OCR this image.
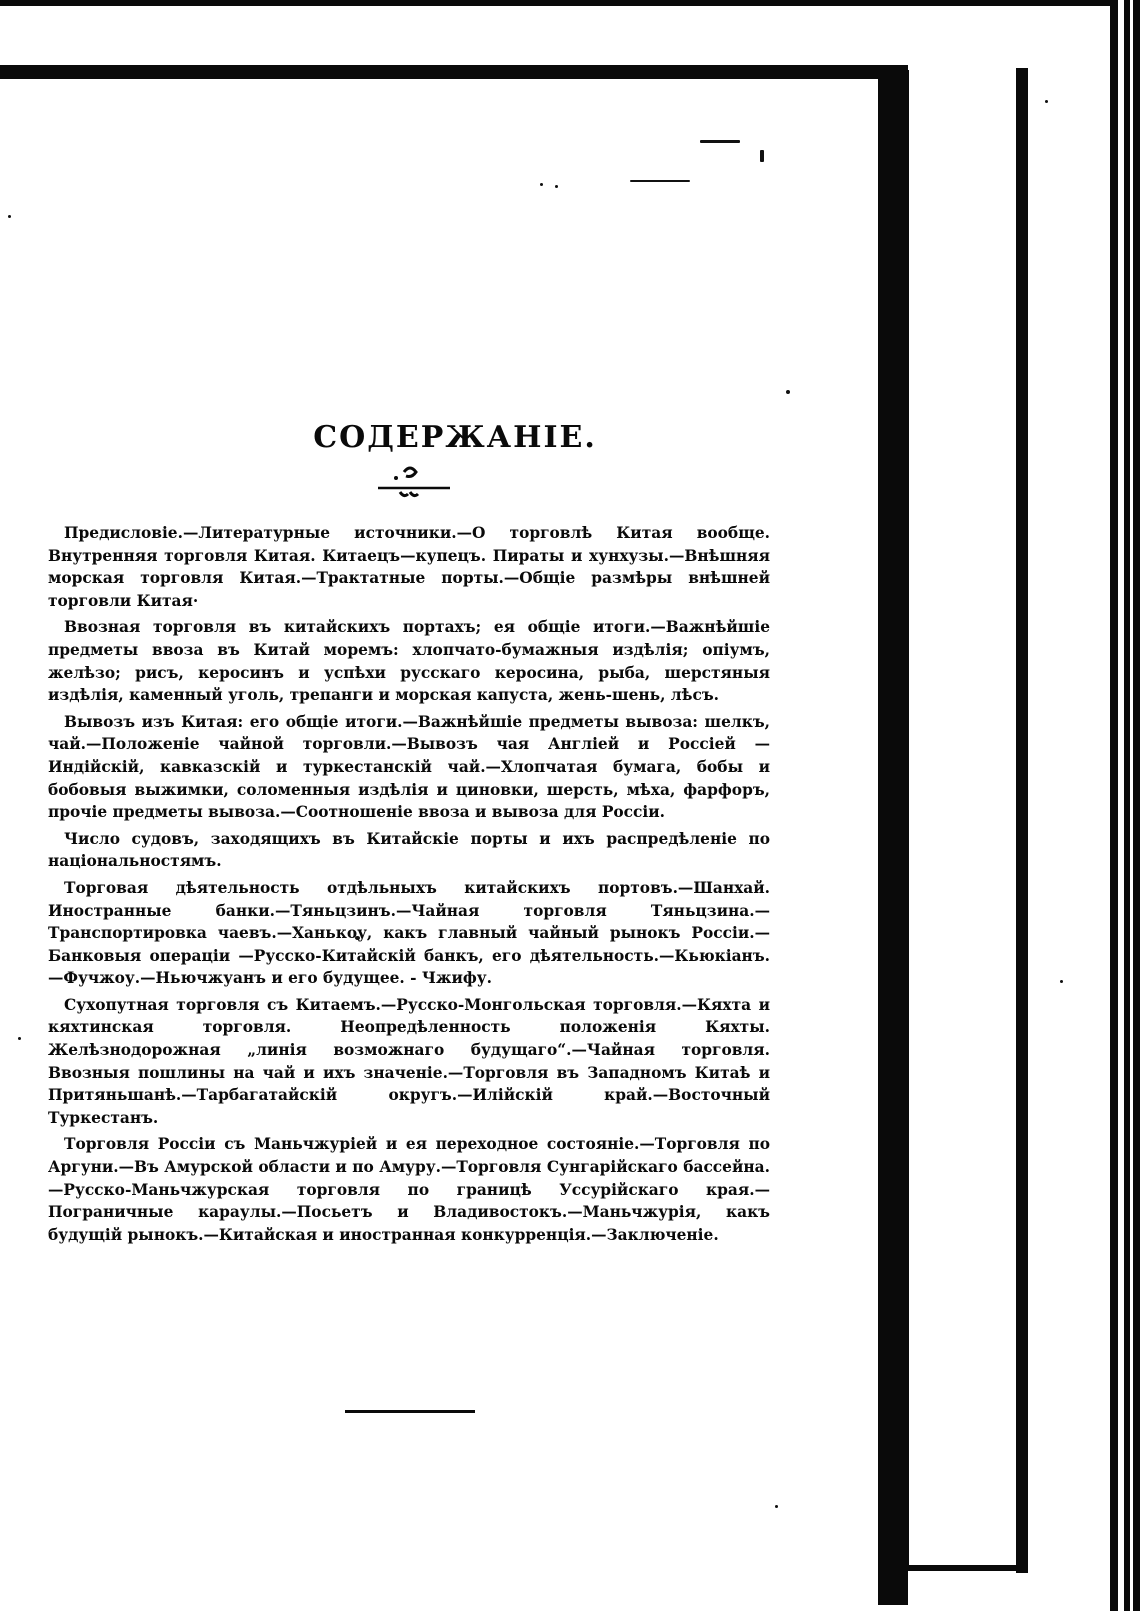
СОДЕРЖАНІЕ.

Предисловіе.—Литературные источники.—О торговлѣ Китая вообще. Внутренняя торговля Китая. Китаецъ—купецъ. Пираты и хунхузы.—Внѣшняя морская торговля Китая.—Трактатные порты.—Общіе размѣры внѣшней торговли Китая·

Ввозная торговля въ китайскихъ портахъ; ея общіе итоги.—Важнѣйшіе предметы ввоза въ Китай моремъ: хлопчато-бумажныя издѣлія; опіумъ, желѣзо; рисъ, керосинъ и успѣхи русскаго керосина, рыба, шерстяныя издѣлія, каменный уголь, трепанги и морская капуста, жень-шень, лѣсъ.

Вывозъ изъ Китая: его общіе итоги.—Важнѣйшіе предметы вывоза: шелкъ, чай.—Положеніе чайной торговли.—Вывозъ чая Англіей и Россіей —Индійскій, кавказскій и туркестанскій чай.—Хлопчатая бумага, бобы и бобовыя выжимки, соломенныя издѣлія и циновки, шерсть, мѣха, фарфоръ, прочіе предметы вывоза.—Соотношеніе ввоза и вывоза для Россіи.

Число судовъ, заходящихъ въ Китайскіе порты и ихъ распредѣленіе по національностямъ.

Торговая дѣятельность отдѣльныхъ китайскихъ портовъ.—Шанхай. Иностранные банки.—Тяньцзинъ.—Чайная торговля Тяньцзина.—Транспортировка чаевъ.—Ханькоу, какъ главный чайный рынокъ Россіи.—Банковыя операціи —Русско-Китайскій банкъ, его дѣятельность.—Кьюкіанъ.—Фучжоу.—Ньючжуанъ и его будущее. - Чжифу.

Сухопутная торговля съ Китаемъ.—Русско-Монгольская торговля.—Кяхта и кяхтинская торговля. Неопредѣленность положенія Кяхты. Желѣзнодорожная „линія возможнаго будущаго“.—Чайная торговля. Ввозныя пошлины на чай и ихъ значеніе.—Торговля въ Западномъ Китаѣ и Притяньшанѣ.—Тарбагатайскій округъ.—Илійскій край.—Восточный Туркестанъ.

Торговля Россіи съ Маньчжуріей и ея переходное состояніе.—Торговля по Аргуни.—Въ Амурской области и по Амуру.—Торговля Сунгарійскаго бассейна.—Русско-Маньчжурская торговля по границѣ Уссурійскаго края.—Пограничные караулы.—Посьетъ и Владивостокъ.—Маньчжурія, какъ будущій рынокъ.—Китайская и иностранная конкурренція.—Заключеніе.
